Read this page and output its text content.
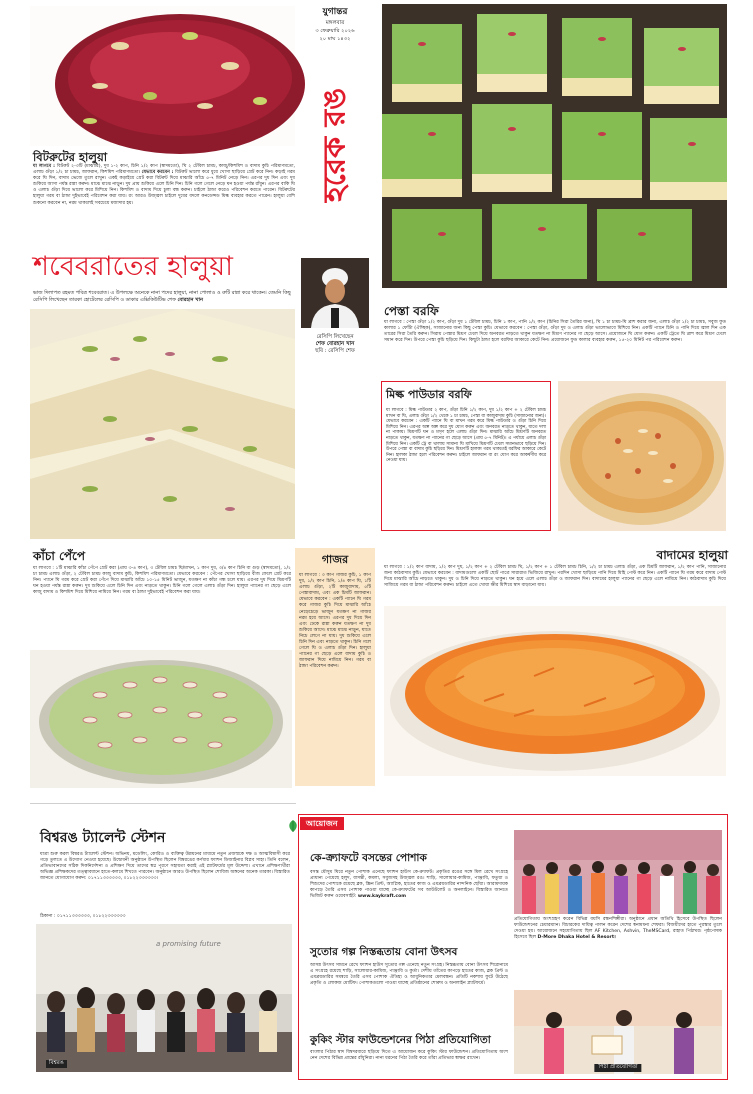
যুগান্তর
মঙ্গলবার
৩ ফেব্রুয়ারি ২০২৬
২০ মাঘ ১৪৩২
হরেক রঙ
বিটরুটের হালুয়া
যা লাগবে : বিটরুট ২-৩টি (মাঝারি), দুধ ১-২ কাপ, চিনি ১/২ কাপ (স্বাদমতো), ঘি ২ টেবিল চামচ, কাজু/কিশমিশ ও বাদাম কুচি পরিমাণমতো, এলাচ গুঁড়া ১/২ চা চামচ, জাফরান, কিশমিশ পরিমাণমতো। যেভাবে করবেন : বিটরুট ভালো করে ধুয়ে খোসা ছাড়িয়ে গ্রেট করে নিন। কড়াই গরম করে ঘি দিন, বাদাম ভেজে তুলে রাখুন। একই কড়াইয়ে গ্রেট করা বিটরুট দিয়ে মাঝারি আঁচে ৫-৭ মিনিট নেড়ে নিন। এরপর দুধ দিন এবং দুধ শুকিয়ে আসা পর্যন্ত রান্না করুন। মাঝে মাঝে নাড়ুন। দুধ প্রায় শুকিয়ে এলে চিনি দিন। চিনি গলে গেলে নেড়ে ঘন হওয়া পর্যন্ত রাঁধুন। এরপর বাকি ঘি ও এলাচ গুঁড়া দিয়ে ভালো করে মিশিয়ে নিন। কিশমিশ ও বাদাম দিয়ে চুলা বন্ধ করুন। চাইলে ঠান্ডা করেও পরিবেশন করতে পারেন। বিটরুটের হালুয়া গরম বা ঠান্ডা দুইভাবেই পরিবেশন করা যায়। রং আরও উজ্জ্বল চাইলে দুধের বদলে কনডেন্সড মিল্ক ব্যবহার করতে পারেন। হালুয়া বেশি শুকনো করবেন না, নরম থাকলেই সবচেয়ে মজাদার হয়।
শবেবরাতের হালুয়া
ভাজ দিলাপত রহমত পবিত্র শবেবরাত। এ উপলক্ষে অনেকে নানা পদের হালুয়া, নানা পোলাও ও রুটি রান্না করে থাকেন। তেমনি কিছু রেসিপি লিখেছেন তারকা হোটেলের রেসিপি ও ডাকার এক্সিকিউটিভ শেফ বোরহান খান
রেসিপি লিখেছেন
শেফ বোরহান খান
ছবি : রেসিপি শেফ
পেস্তা বরফি
যা লাগবে : পেস্তা গুঁড়া ১/২ কাপ, গুঁড়া দুধ ১ টেবিল চামচ, চিনি ১ কাপ, পানি ১/২ কাপ (চিনির সিরা তৈরির জন্য), ঘি ১ চা চামচ-ঘি ব্রাশ করার জন্য, এলাচ গুঁড়া ১/২ চা চামচ, সবুজ ফুড কালার ১ ফোঁটা (ঐচ্ছিক), সাজানোর জন্য কিছু পেস্তা কুচি। যেভাবে করবেন : পেস্তা গুঁড়া, গুঁড়া দুধ ও এলাচ গুঁড়া ভালোভাবে মিশিয়ে নিন। একটি প্যানে চিনি ও পানি দিয়ে জ্বাল দিন এক তারের সিরা তৈরি করুন। সিরায় পেস্তার মিশ্রণ ঢেলে দিয়ে অনবরত নাড়তে থাকুন যতক্ষণ না মিশ্রণ প্যানের গা ছেড়ে আসে। প্রয়োজনে ঘি যোগ করুন। একটি ট্রেতে ঘি ব্রাশ করে মিশ্রণ ঢেলে সমান করে দিন। উপরে পেস্তা কুচি ছড়িয়ে দিন। কিছুটা ঠান্ডা হলে বরফির আকারে কেটে নিন। প্রয়োজনে ফুড কালার ব্যবহার করুন, ১৫-২০ মিনিট পর পরিবেশন করুন।
মিল্ক পাউডার বরফি
যা লাগবে : মিল্ক পাউডার ২ কাপ, গুঁড়া চিনি ১/২ কাপ, দুধ ১/২ কাপ + ২ টেবিল চামচ মাখন বা ঘি, এলাচ গুঁড়া ১/২ থেকে ১ চা চামচ, পেস্তা বা কাজুবাদাম কুচি (সাজানোর জন্য)। যেভাবে করবেন : একটি প্যানে ঘি বা মাখন গরম করে মিল্ক পাউডার ও গুঁড়া চিনি দিয়ে মিশিয়ে নিন। এরপর অল্প অল্প করে দুধ যোগ করুন এবং অনবরত নাড়তে থাকুন, যাতে দলা না পাকায়। মিশ্রণটি ঘন ও মসৃণ হলে এলাচ গুঁড়া দিন। মাঝারি আঁচে মিশ্রণটি অনবরত নাড়তে থাকুন, যতক্ষণ না প্যানের গা ছেড়ে আসে (প্রায় ৫-৭ মিনিট)। এ পর্যায়ে এলাচ গুঁড়া মিশিয়ে নিন। একটি ট্রে বা থালায় সামান্য ঘি মাখিয়ে মিশ্রণটি ঢেলে সমানভাবে ছড়িয়ে দিন। উপরে পেস্তা বা বাদাম কুচি ছড়িয়ে দিন। মিশ্রণটি হালকা গরম থাকতেই বরফির আকারে কেটে নিন। হালকা ঠান্ডা হলে পরিবেশন করুন। চাইলে জাফরান বা রং যোগ করে আকর্ষণীয় করে নেওয়া যায়।
বাদামের হালুয়া
যা লাগবে : ১/২ কাপ বাদাম, ১/২ কাপ দুধ, ১/২ কাপ + ২ টেবিল চামচ ঘি, ১/২ কাপ + ১ টেবিল চামচ চিনি, ১/২ চা চামচ এলাচ গুঁড়া, এক চিমটি জাফরান, ১/২ কাপ পানি, সাজানোর জন্য কাঠবাদাম কুচি। যেভাবে করবেন : বাদামগুলো একটি ছোট পাত্রে সারারাত ভিজিয়ে রাখুন। পরদিন খোসা ছাড়িয়ে পানি দিয়ে মিহি পেস্ট করে নিন। একটি প্যানে ঘি গরম করে বাদাম পেস্ট দিয়ে মাঝারি আঁচে নাড়তে থাকুন। দুধ ও চিনি দিয়ে নাড়তে থাকুন। ঘন হয়ে এলে এলাচ গুঁড়া ও জাফরান দিন। বাদামের হালুয়া প্যানের গা ছেড়ে এলে নামিয়ে নিন। কাঠবাদাম কুচি দিয়ে সাজিয়ে গরম বা ঠান্ডা পরিবেশন করুন। চাইলে এতে খোয়া ক্ষীর মিশিয়ে স্বাদ বাড়ানো যায়।
কাঁচা পেঁপে
যা লাগবে : ১টি মাঝারি কাঁচা পেঁপে গ্রেট করা (প্রায় ৩-৪ কাপ), ৩ টেবিল চামচ ঘি/মাখন, ১ কাপ দুধ, ৩/৪ কাপ চিনি বা গুড় (স্বাদমতো), ১/২ চা চামচ এলাচ গুঁড়া, ২ টেবিল চামচ কাজু বাদাম কুচি, কিশমিশ পরিমাণমতো। যেভাবে করবেন : পেঁপের খোসা ছাড়িয়ে বীজ ফেলে গ্রেট করে নিন। প্যানে ঘি গরম করে গ্রেট করা পেঁপে দিয়ে মাঝারি আঁচে ১০-১৫ মিনিট ভাজুন, যতক্ষণ না কাঁচা গন্ধ চলে যায়। এরপর দুধ দিয়ে মিশ্রণটি ঘন হওয়া পর্যন্ত রান্না করুন। দুধ শুকিয়ে এলে চিনি দিন এবং নাড়তে থাকুন। চিনি গলে গেলে এলাচ গুঁড়া দিন। হালুয়া প্যানের গা ছেড়ে এলে কাজু বাদাম ও কিশমিশ দিয়ে মিশিয়ে নামিয়ে নিন। গরম বা ঠান্ডা দুইভাবেই পরিবেশন করা যায়।
গাজর
যা লাগবে : ৩ কাপ গাজর কুচি, ১ কাপ দুধ, ১/২ কাপ চিনি, ১/৪ কাপ ঘি, ১টি এলাচ গুঁড়া, ২টি কাজুবাদাম, ৫টি পেস্তাবাদাম, এবং এক চিমটি জাফরান। যেভাবে করবেন : একটি প্যানে ঘি গরম করে গাজর কুচি দিয়ে মাঝারি আঁচে নেড়েচেড়ে ভাজুন যতক্ষণ না গাজর নরম হয়ে আসে। এরপর দুধ দিয়ে দিন এবং ঢেকে রান্না করুন যতক্ষণ না দুধ শুকিয়ে আসে। মাঝে মাঝে নাড়ুন, যাতে নিচে লেগে না যায়। দুধ শুকিয়ে এলে চিনি দিন এবং নাড়তে থাকুন। চিনি গলে গেলে ঘি ও এলাচ গুঁড়া দিন। হালুয়া প্যানের গা ছেড়ে এলে বাদাম কুচি ও জাফরান দিয়ে নামিয়ে নিন। গরম বা ঠান্ডা পরিবেশন করুন।
বিশ্বরঙ ট্যালেন্ট স্টেশন
যাত্রা শুরু করল বিশ্বরঙ ট্যালেন্ট স্টেশন। অভিনয়, মডেলিং, কোরিও ও ব্যক্তিত্ব উন্নয়নের মাধ্যমে নতুন প্রজন্মকে দক্ষ ও আত্মবিশ্বাসী করে গড়ে তুলতে এ উদ্যোগ নেওয়া হয়েছে। উদ্বোধনী অনুষ্ঠানে উপস্থিত ছিলেন বিশ্বরঙের কর্ণধার ফ্যাশন ডিজাইনার বিপ্লব সাহা। তিনি বলেন, প্রতিভাবানদের সঠিক দিকনির্দেশনা ও প্রশিক্ষণ দিয়ে তাদের স্বপ্ন পূরণে সহায়তা করাই এই প্ল্যাটফর্মের মূল উদ্দেশ্য। এখানে প্রশিক্ষণার্থীরা অভিজ্ঞ প্রশিক্ষকদের তত্ত্বাবধানে হাতে-কলমে শিখতে পারবেন। অনুষ্ঠানে আরও উপস্থিত ছিলেন শোবিজ অঙ্গনের অনেক তারকা। বিস্তারিত জানতে যোগাযোগ করুন: ০১৭১১৩৩৩৩৩৩, ০১৮২২৩৩৩৩৩৩।
ঠিকানা : ০১৭১১৩৩৩৩৩৩, ০১৮২২৩৩৩৩৩৩
a promising future
বিশ্বরঙ
আয়োজন
কে-ক্র্যাফটে বসন্তের পোশাক
বসন্ত মৌসুম ঘিরে নতুন পোশাক এনেছে ফ্যাশন হাউস কে-ক্র্যাফট। প্রকৃতির রঙের সঙ্গে মিল রেখে সংগ্রহে প্রাধান্য পেয়েছে হলুদ, বাসন্তী, কমলা, সবুজসহ উজ্জ্বল রঙ। শাড়ি, সালোয়ার-কামিজ, পাঞ্জাবি, ফতুয়া ও শিশুদের পোশাকে রয়েছে ব্লক, স্ক্রিন প্রিন্ট, অ্যাপ্লিক, হাতের কাজ ও এমব্রয়ডারির নান্দনিক ছোঁয়া। আরামদায়ক কাপড়ে তৈরি এসব পোশাক পাওয়া যাচ্ছে কে-ক্র্যাফটের সব আউটলেট ও অনলাইনে। বিস্তারিত জানতে ভিজিট করুন ওয়েবসাইট: www.kaykraft.com
সুতোর গল্প নিস্তব্ধতায় বোনা উৎসব
আসন্ন উৎসব সামনে রেখে ফ্যাশন হাউস সুতোর গল্প এনেছে নতুন সংগ্রহ। নিস্তব্ধতায় বোনা উৎসব শিরোনামে এ সংগ্রহে রয়েছে শাড়ি, সালোয়ার-কামিজ, পাঞ্জাবি ও কুর্তা। দেশীয় তাঁতের কাপড়ে হাতের কাজ, ব্লক প্রিন্ট ও এমব্রয়ডারির সমন্বয়ে তৈরি এসব পোশাক ঐতিহ্য ও আধুনিকতার মেলবন্ধন। প্রতিটি নকশায় ফুটে উঠেছে প্রকৃতি ও লোকজ মোটিফ। পোশাকগুলো পাওয়া যাচ্ছে প্রতিষ্ঠানের শোরুম ও অনলাইন প্ল্যাটফর্মে।
কুকিং স্টার ফাউন্ডেশনের পিঠা প্রতিযোগিতা
বাংলার পিঠার স্বাদ বিশ্বদরবারে ছড়িয়ে দিতে এ আয়োজন করে কুকিং স্টার ফাউন্ডেশন। প্রতিযোগিতায় অংশ নেন দেশের বিভিন্ন প্রান্তের রাঁধুনিরা। নানা ধরনের পিঠা তৈরি করে তাঁরা প্রতিভার স্বাক্ষর রাখেন।
প্রতিযোগিতায় অংশগ্রহণ করেন বিভিন্ন বয়সি রন্ধনশিল্পীরা। অনুষ্ঠানে প্রধান অতিথি হিসেবে উপস্থিত ছিলেন ফাউন্ডেশনের চেয়ারম্যান। বিচারকের দায়িত্ব পালন করেন দেশের স্বনামধন্য শেফরা। বিজয়ীদের হাতে পুরস্কার তুলে দেওয়া হয়। আয়োজনে সহযোগিতায় ছিল AF Kitchen, Ashvin, TheMSCard, রাহাত পিঠাঘর। পৃষ্ঠপোষক হিসেবে ছিল D-More Dhaka Hotel & Resort।
পিঠা প্রতিযোগিতা
